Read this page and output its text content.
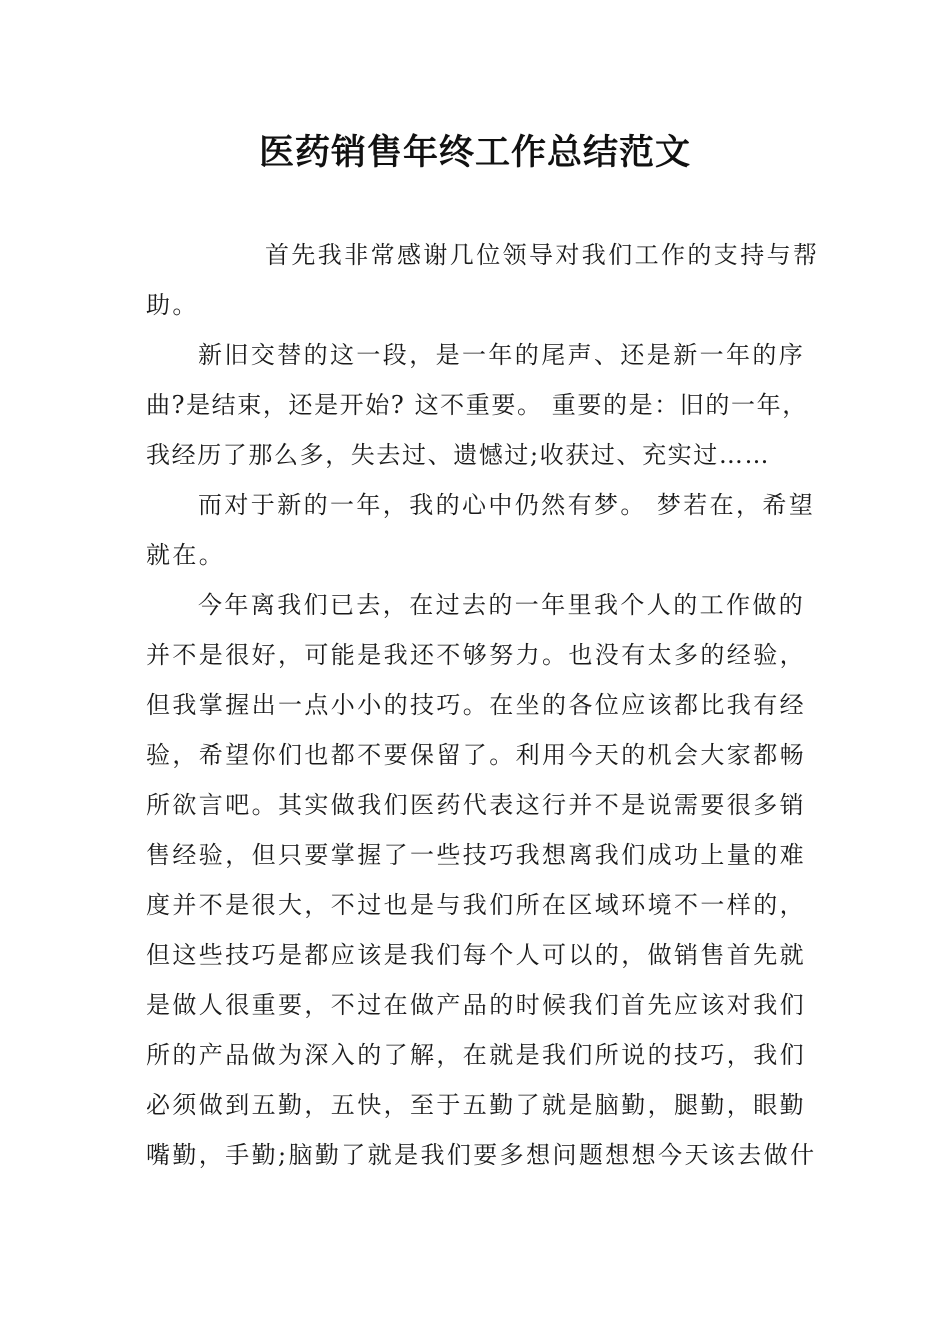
医药销售年终工作总结范文
首先我非常感谢几位领导对我们工作的支持与帮
助。
新旧交替的这一段，是一年的尾声、还是新一年的序
曲?是结束，还是开始? 这不重要。 重要的是：旧的一年，
我经历了那么多，失去过、遗憾过;收获过、充实过……
而对于新的一年，我的心中仍然有梦。 梦若在，希望
就在。
今年离我们已去，在过去的一年里我个人的工作做的
并不是很好，可能是我还不够努力。也没有太多的经验，
但我掌握出一点小小的技巧。在坐的各位应该都比我有经
验，希望你们也都不要保留了。利用今天的机会大家都畅
所欲言吧。其实做我们医药代表这行并不是说需要很多销
售经验，但只要掌握了一些技巧我想离我们成功上量的难
度并不是很大，不过也是与我们所在区域环境不一样的，
但这些技巧是都应该是我们每个人可以的，做销售首先就
是做人很重要，不过在做产品的时候我们首先应该对我们
所的产品做为深入的了解，在就是我们所说的技巧，我们
必须做到五勤，五快，至于五勤了就是脑勤，腿勤，眼勤
嘴勤，手勤;脑勤了就是我们要多想问题想想今天该去做什
